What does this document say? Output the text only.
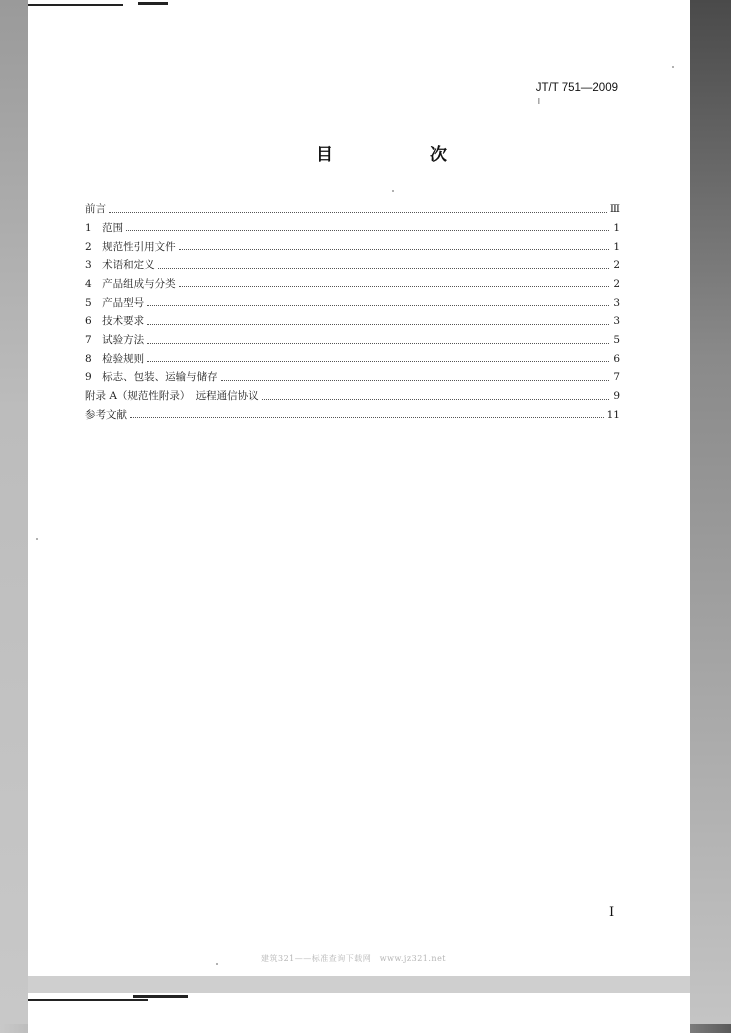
JT/T 751—2009
l
目　次
前言	Ⅲ
1　范围	1
2　规范性引用文件	1
3　术语和定义	2
4　产品组成与分类	2
5　产品型号	3
6　技术要求	3
7　试验方法	5
8　检验规则	6
9　标志、包装、运输与储存	7
附录 A（规范性附录）　远程通信协议	9
参考文献	11
I
建筑321——标准查询下载网　www.jz321.net
